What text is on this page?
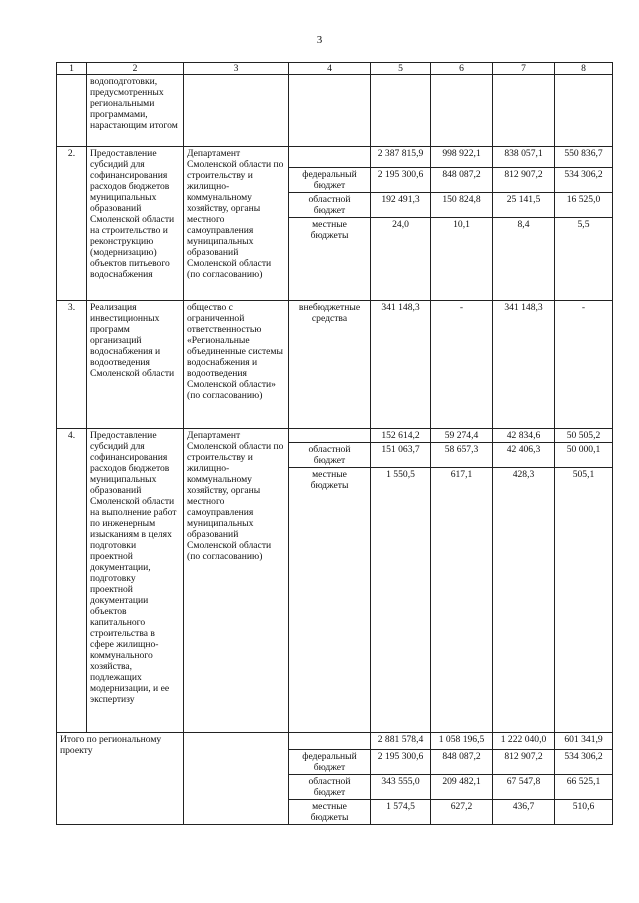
3
1	2	3	4	5	6	7	8
	водоподготовки, предусмотренных региональными программами, нарастающим итогом						
2.	Предоставление субсидий для софинансирования расходов бюджетов муниципальных образований Смоленской области на строительство и реконструкцию (модернизацию) объектов питьевого водоснабжения	Департамент Смоленской области по строительству и жилищно-коммунальному хозяйству, органы местного самоуправления муниципальных образований Смоленской области (по согласованию)		2 387 815,9	998 922,1	838 057,1	550 836,7
			федеральный бюджет	2 195 300,6	848 087,2	812 907,2	534 306,2
			областной бюджет	192 491,3	150 824,8	25 141,5	16 525,0
			местные бюджеты	24,0	10,1	8,4	5,5
3.	Реализация инвестиционных программ организаций водоснабжения и водоотведения Смоленской области	общество с ограниченной ответственностью «Региональные объединенные системы водоснабжения и водоотведения Смоленской области» (по согласованию)	внебюджетные средства	341 148,3	-	341 148,3	-
4.	Предоставление субсидий для софинансирования расходов бюджетов муниципальных образований Смоленской области на выполнение работ по инженерным изысканиям в целях подготовки проектной документации, подготовку проектной документации объектов капитального строительства в сфере жилищно-коммунального хозяйства, подлежащих модернизации, и ее экспертизу	Департамент Смоленской области по строительству и жилищно-коммунальному хозяйству, органы местного самоуправления муниципальных образований Смоленской области (по согласованию)		152 614,2	59 274,4	42 834,6	50 505,2
			областной бюджет	151 063,7	58 657,3	42 406,3	50 000,1
			местные бюджеты	1 550,5	617,1	428,3	505,1
Итого по региональному проекту				2 881 578,4	1 058 196,5	1 222 040,0	601 341,9
			федеральный бюджет	2 195 300,6	848 087,2	812 907,2	534 306,2
			областной бюджет	343 555,0	209 482,1	67 547,8	66 525,1
			местные бюджеты	1 574,5	627,2	436,7	510,6
